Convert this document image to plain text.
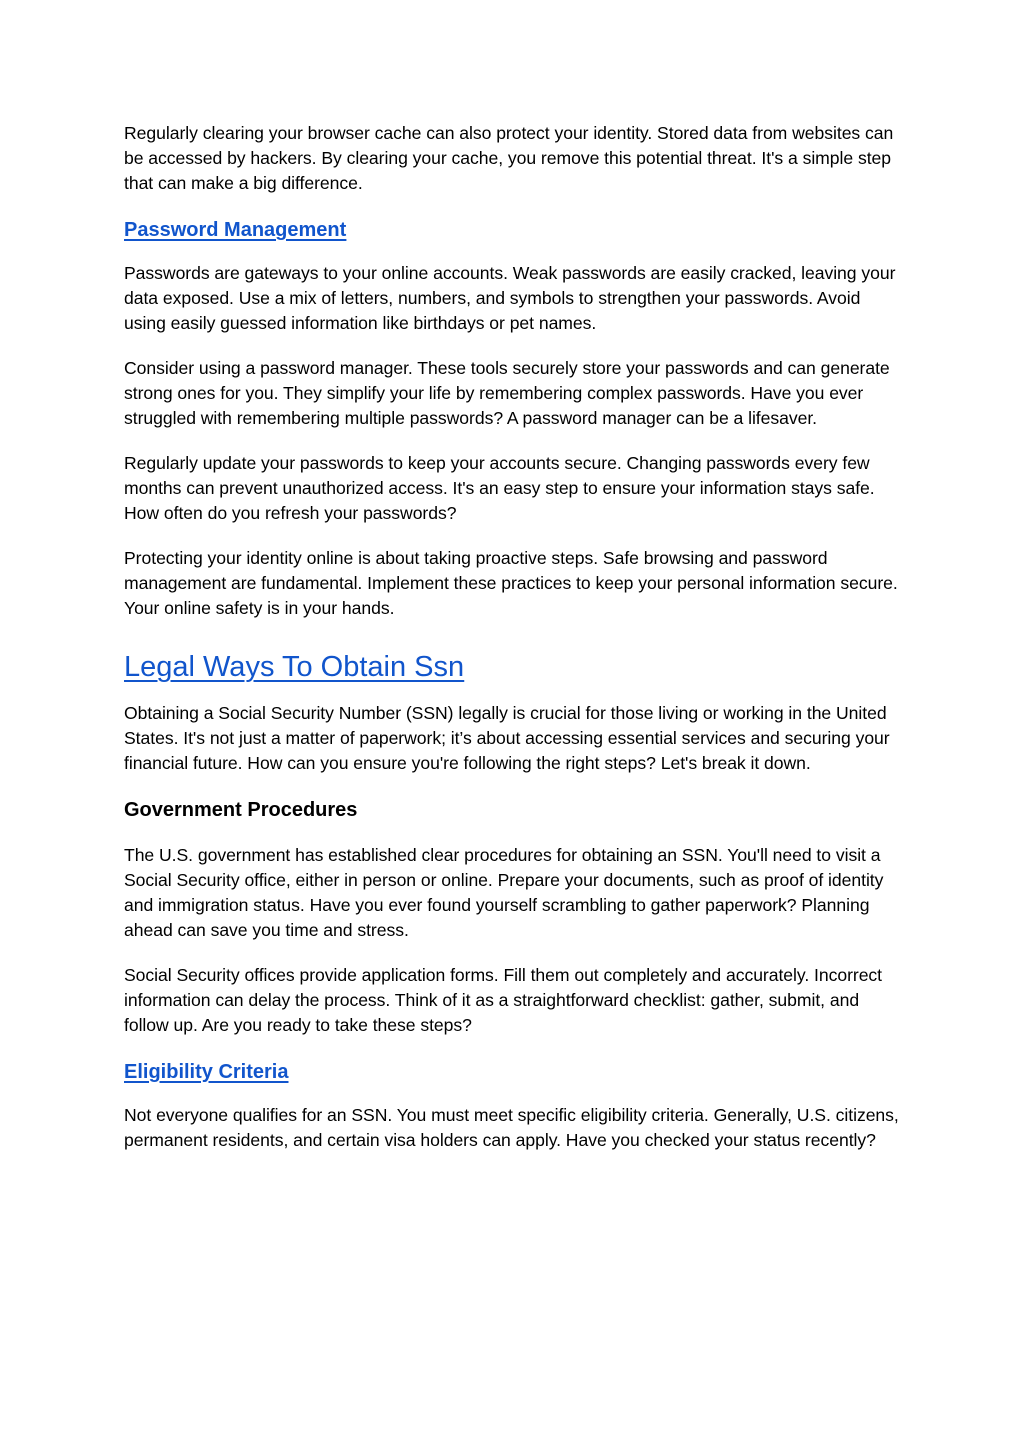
Regularly clearing your browser cache can also protect your identity. Stored data from websites can be accessed by hackers. By clearing your cache, you remove this potential threat. It's a simple step that can make a big difference.

Password Management

Passwords are gateways to your online accounts. Weak passwords are easily cracked, leaving your data exposed. Use a mix of letters, numbers, and symbols to strengthen your passwords. Avoid using easily guessed information like birthdays or pet names.

Consider using a password manager. These tools securely store your passwords and can generate strong ones for you. They simplify your life by remembering complex passwords. Have you ever struggled with remembering multiple passwords? A password manager can be a lifesaver.

Regularly update your passwords to keep your accounts secure. Changing passwords every few months can prevent unauthorized access. It's an easy step to ensure your information stays safe. How often do you refresh your passwords?

Protecting your identity online is about taking proactive steps. Safe browsing and password management are fundamental. Implement these practices to keep your personal information secure. Your online safety is in your hands.

Legal Ways To Obtain Ssn

Obtaining a Social Security Number (SSN) legally is crucial for those living or working in the United States. It's not just a matter of paperwork; it’s about accessing essential services and securing your financial future. How can you ensure you're following the right steps? Let's break it down.

Government Procedures

The U.S. government has established clear procedures for obtaining an SSN. You'll need to visit a Social Security office, either in person or online. Prepare your documents, such as proof of identity and immigration status. Have you ever found yourself scrambling to gather paperwork? Planning ahead can save you time and stress.

Social Security offices provide application forms. Fill them out completely and accurately. Incorrect information can delay the process. Think of it as a straightforward checklist: gather, submit, and follow up. Are you ready to take these steps?

Eligibility Criteria

Not everyone qualifies for an SSN. You must meet specific eligibility criteria. Generally, U.S. citizens, permanent residents, and certain visa holders can apply. Have you checked your status recently?
